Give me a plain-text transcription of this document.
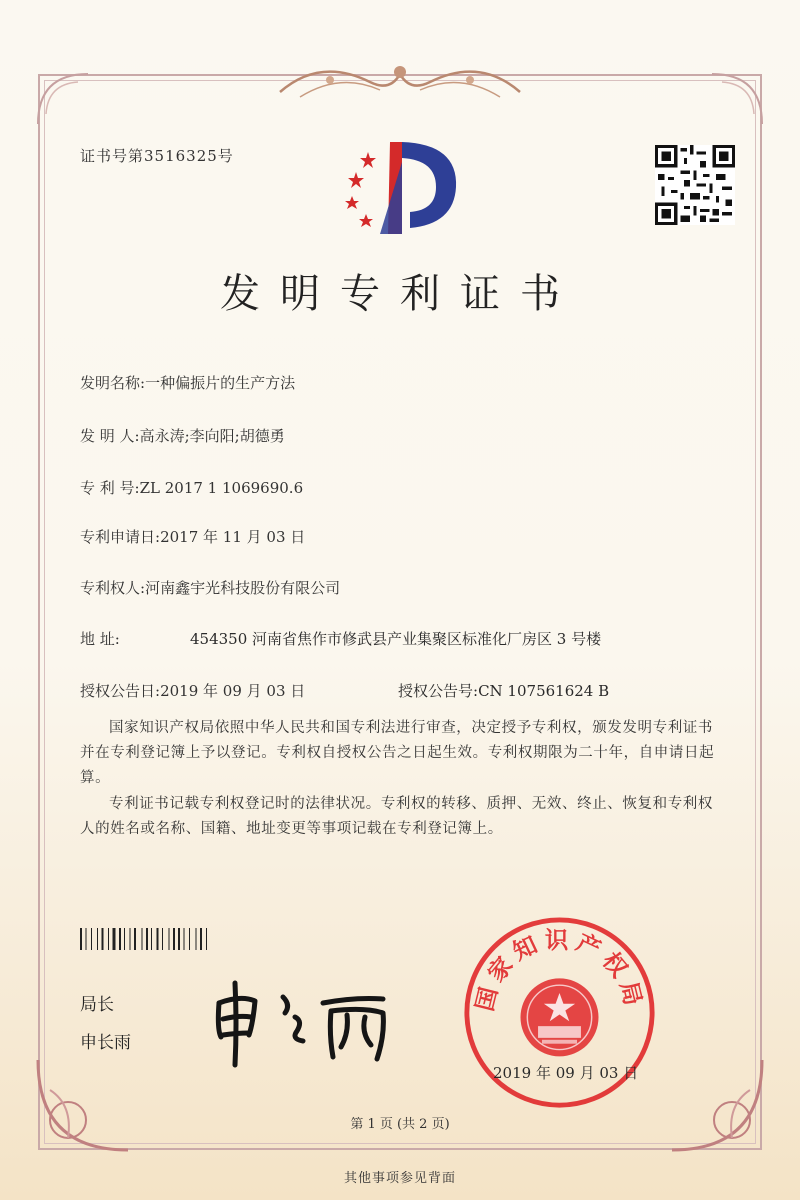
证书号第3516325号
发明专利证书
发明名称:一种偏振片的生产方法
发 明 人:高永涛;李向阳;胡德勇
专 利 号:ZL 2017 1 1069690.6
专利申请日:2017 年 11 月 03 日
专利权人:河南鑫宇光科技股份有限公司
地 址:	454350 河南省焦作市修武县产业集聚区标准化厂房区 3 号楼
授权公告日:2019 年 09 月 03 日	授权公告号:CN 107561624 B
国家知识产权局依照中华人民共和国专利法进行审查，决定授予专利权，颁发发明专利证书并在专利登记簿上予以登记。专利权自授权公告之日起生效。专利权期限为二十年，自申请日起算。
专利证书记载专利权登记时的法律状况。专利权的转移、质押、无效、终止、恢复和专利权人的姓名或名称、国籍、地址变更等事项记载在专利登记簿上。
局长
申长雨
国家知识产权局
2019 年 09 月 03 日
第 1 页 (共 2 页)
其他事项参见背面
